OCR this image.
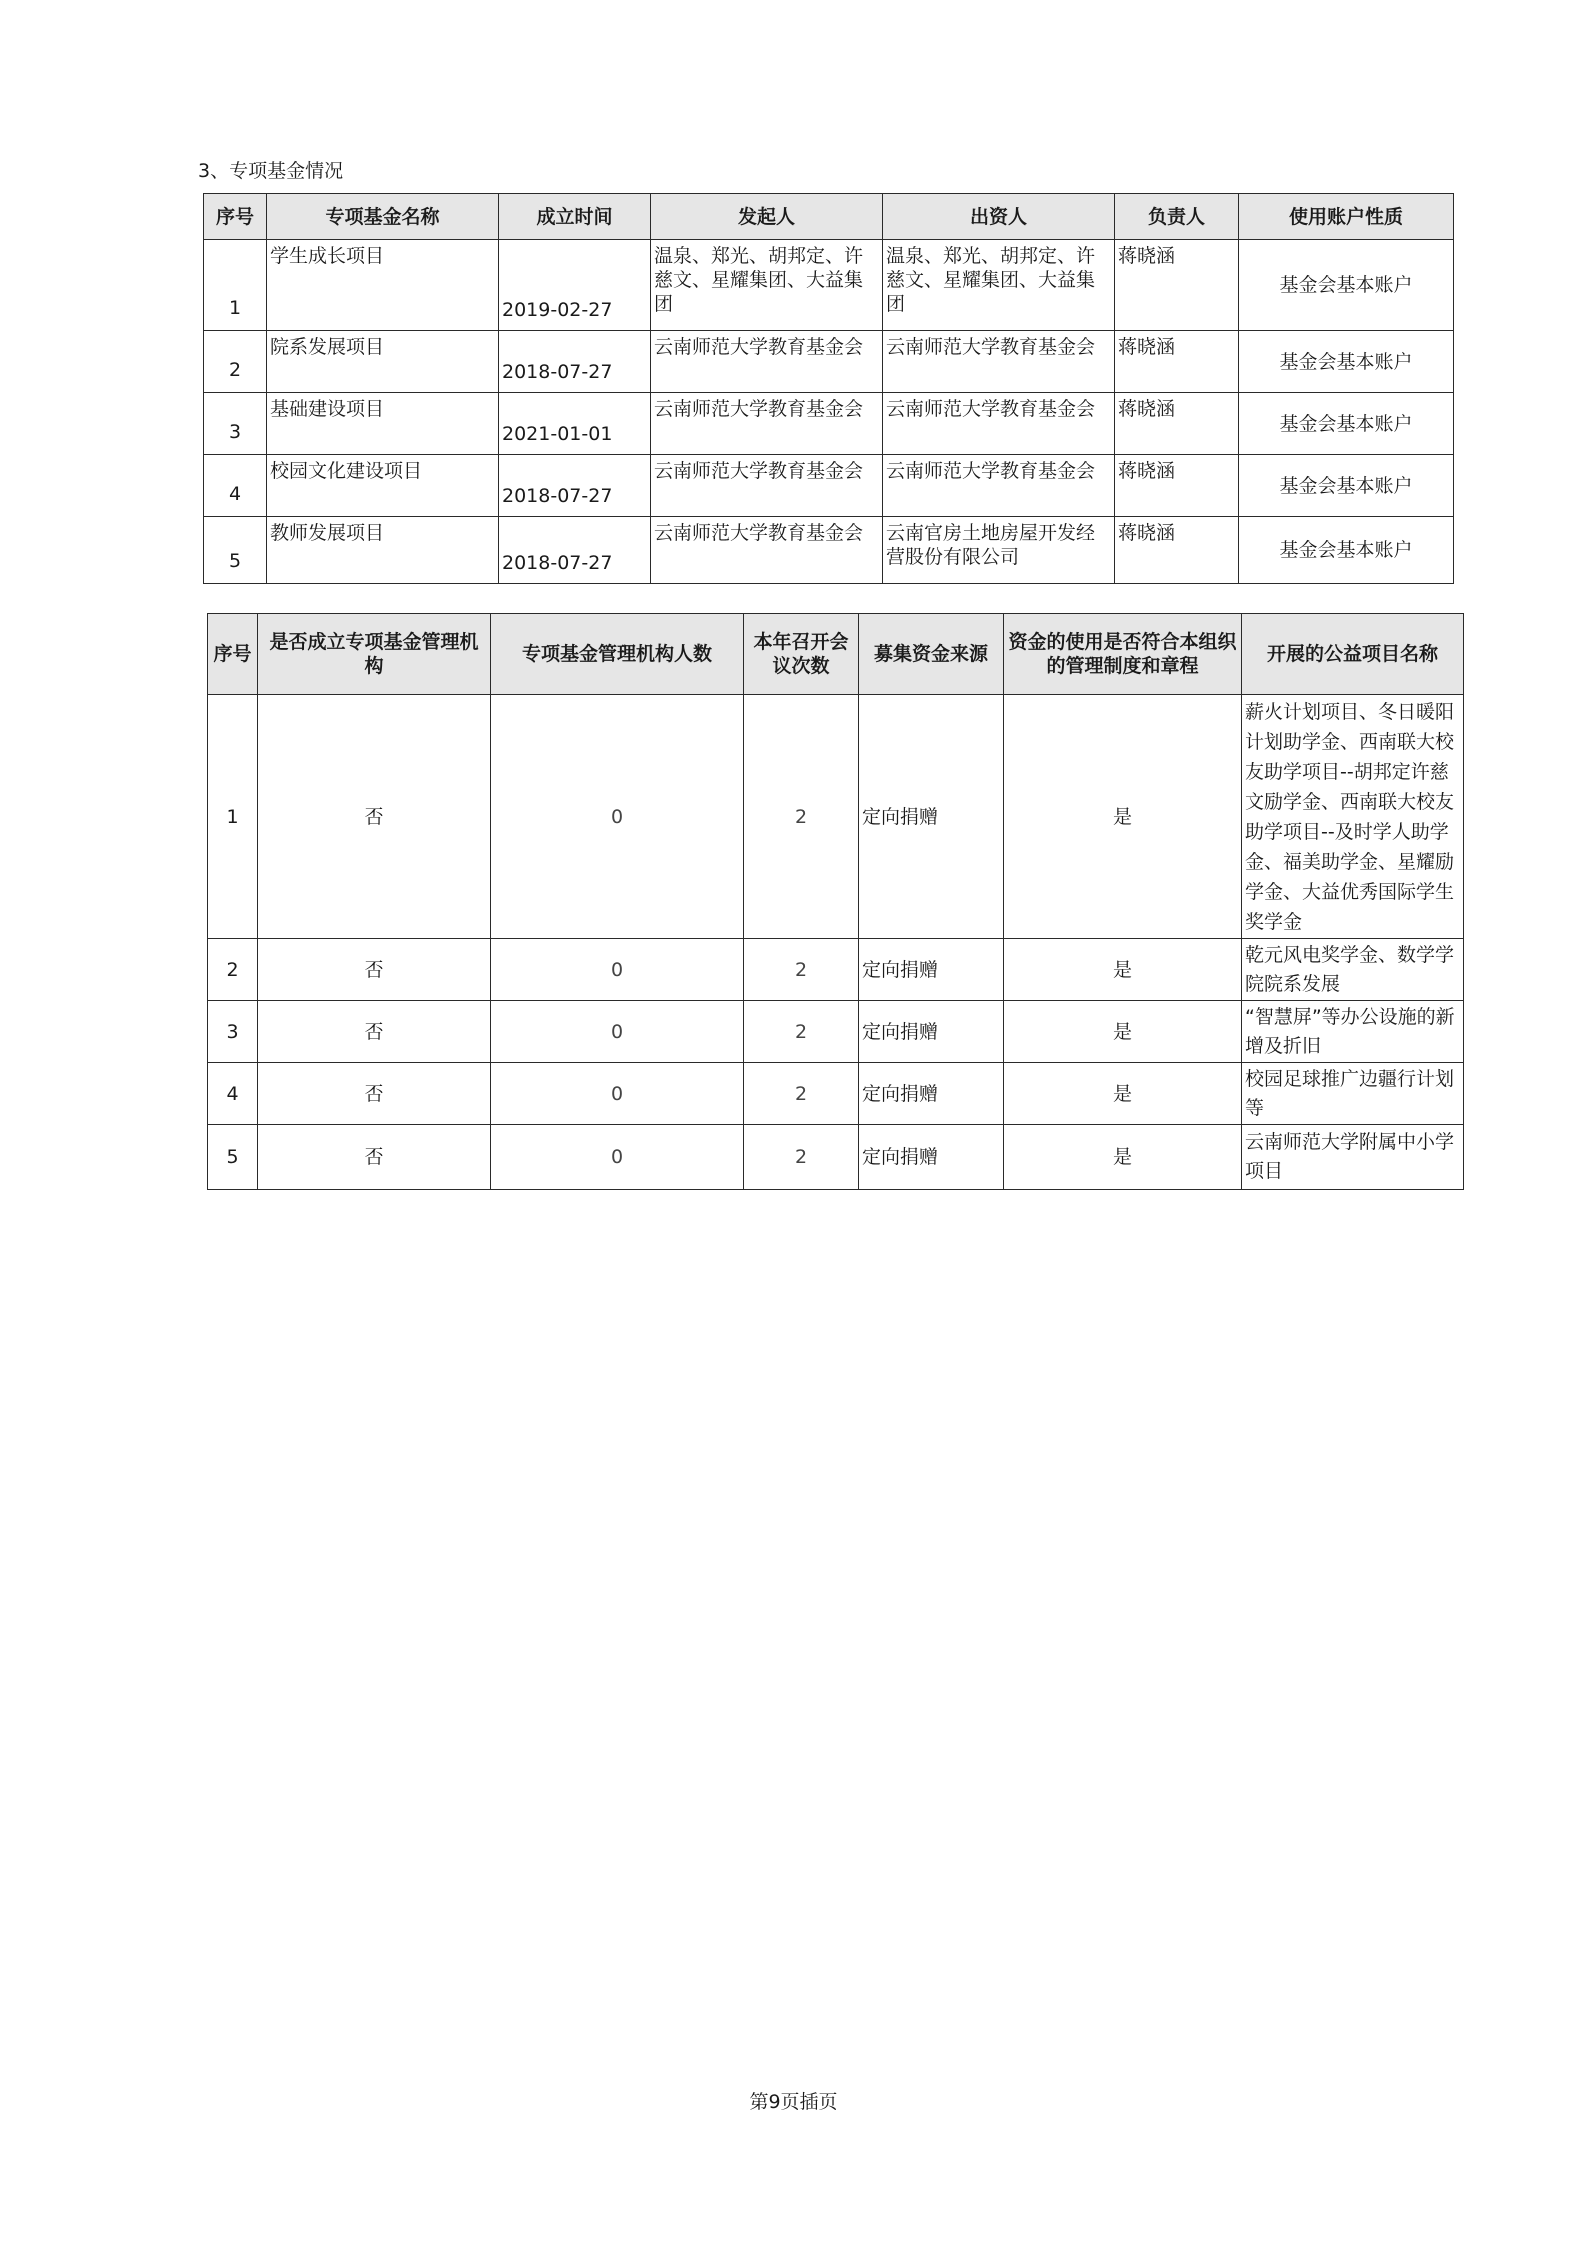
3、专项基金情况
序号	专项基金名称	成立时间	发起人	出资人	负责人	使用账户性质
1	学生成长项目	2019-02-27	温泉、郑光、胡邦定、许慈文、星耀集团、大益集团	温泉、郑光、胡邦定、许慈文、星耀集团、大益集团	蒋晓涵	基金会基本账户
2	院系发展项目	2018-07-27	云南师范大学教育基金会	云南师范大学教育基金会	蒋晓涵	基金会基本账户
3	基础建设项目	2021-01-01	云南师范大学教育基金会	云南师范大学教育基金会	蒋晓涵	基金会基本账户
4	校园文化建设项目	2018-07-27	云南师范大学教育基金会	云南师范大学教育基金会	蒋晓涵	基金会基本账户
5	教师发展项目	2018-07-27	云南师范大学教育基金会	云南官房土地房屋开发经营股份有限公司	蒋晓涵	基金会基本账户
序号	是否成立专项基金管理机构	专项基金管理机构人数	本年召开会议次数	募集资金来源	资金的使用是否符合本组织的管理制度和章程	开展的公益项目名称
1	否	0	2	定向捐赠	是	薪火计划项目、冬日暖阳计划助学金、西南联大校友助学项目--胡邦定许慈文励学金、西南联大校友助学项目--及时学人助学金、福美助学金、星耀励学金、大益优秀国际学生奖学金
2	否	0	2	定向捐赠	是	乾元风电奖学金、数学学院院系发展
3	否	0	2	定向捐赠	是	“智慧屏”等办公设施的新增及折旧
4	否	0	2	定向捐赠	是	校园足球推广边疆行计划等
5	否	0	2	定向捐赠	是	云南师范大学附属中小学项目
第9页插页
